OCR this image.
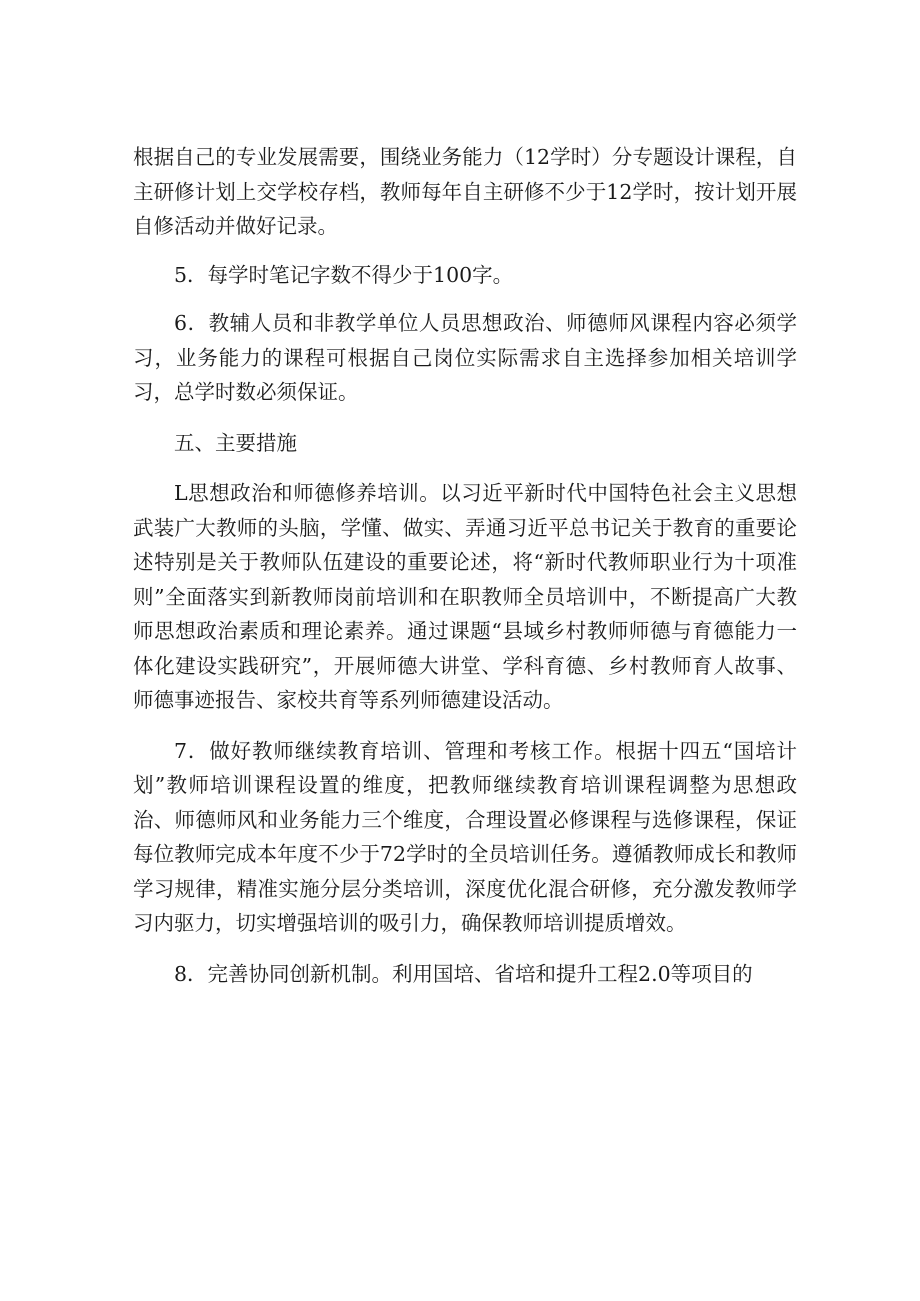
根据自己的专业发展需要，围绕业务能力（12学时）分专题设计课程，自主研修计划上交学校存档，教师每年自主研修不少于12学时，按计划开展自修活动并做好记录。

5．每学时笔记字数不得少于100字。

6．教辅人员和非教学单位人员思想政治、师德师风课程内容必须学习，业务能力的课程可根据自己岗位实际需求自主选择参加相关培训学习，总学时数必须保证。

五、主要措施

L思想政治和师德修养培训。以习近平新时代中国特色社会主义思想武装广大教师的头脑，学懂、做实、弄通习近平总书记关于教育的重要论述特别是关于教师队伍建设的重要论述，将“新时代教师职业行为十项准则”全面落实到新教师岗前培训和在职教师全员培训中，不断提高广大教师思想政治素质和理论素养。通过课题“县域乡村教师师德与育德能力一体化建设实践研究”，开展师德大讲堂、学科育德、乡村教师育人故事、师德事迹报告、家校共育等系列师德建设活动。

7．做好教师继续教育培训、管理和考核工作。根据十四五“国培计划”教师培训课程设置的维度，把教师继续教育培训课程调整为思想政治、师德师风和业务能力三个维度，合理设置必修课程与选修课程，保证每位教师完成本年度不少于72学时的全员培训任务。遵循教师成长和教师学习规律，精准实施分层分类培训，深度优化混合研修，充分激发教师学习内驱力，切实增强培训的吸引力，确保教师培训提质增效。

8．完善协同创新机制。利用国培、省培和提升工程2.0等项目的
